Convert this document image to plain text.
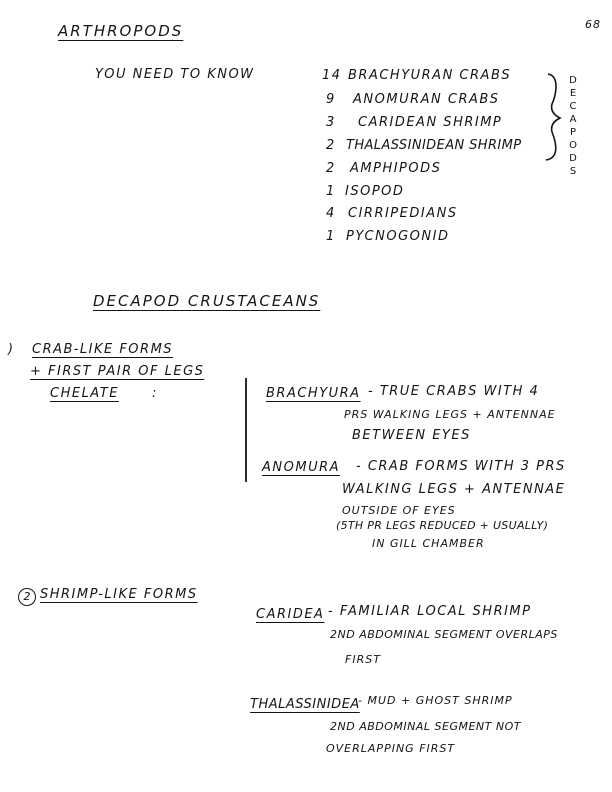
68
ARTHROPODS
YOU NEED TO KNOW	14 BRACHYURAN CRABS
9 ANOMURAN CRABS
3 CARIDEAN SHRIMP
2 THALASSINIDEAN SHRIMP
2 AMPHIPODS
1 ISOPOD
4 CIRRIPEDIANS
1 PYCNOGONID
D
E
C
A
P
O
D
S
DECAPOD CRUSTACEANS
) CRAB-LIKE FORMS
+ FIRST PAIR OF LEGS
CHELATE	:	BRACHYURA - TRUE CRABS WITH 4
PRS WALKING LEGS + ANTENNAE
BETWEEN EYES
ANOMURA - CRAB FORMS WITH 3 PRS
WALKING LEGS + ANTENNAE
OUTSIDE OF EYES
(5TH PR LEGS REDUCED + USUALLY)
IN GILL CHAMBER
2 SHRIMP-LIKE FORMS
CARIDEA - FAMILIAR LOCAL SHRIMP
2ND ABDOMINAL SEGMENT OVERLAPS
FIRST
THALASSINIDEA
- MUD + GHOST SHRIMP
2ND ABDOMINAL SEGMENT NOT
OVERLAPPING FIRST
